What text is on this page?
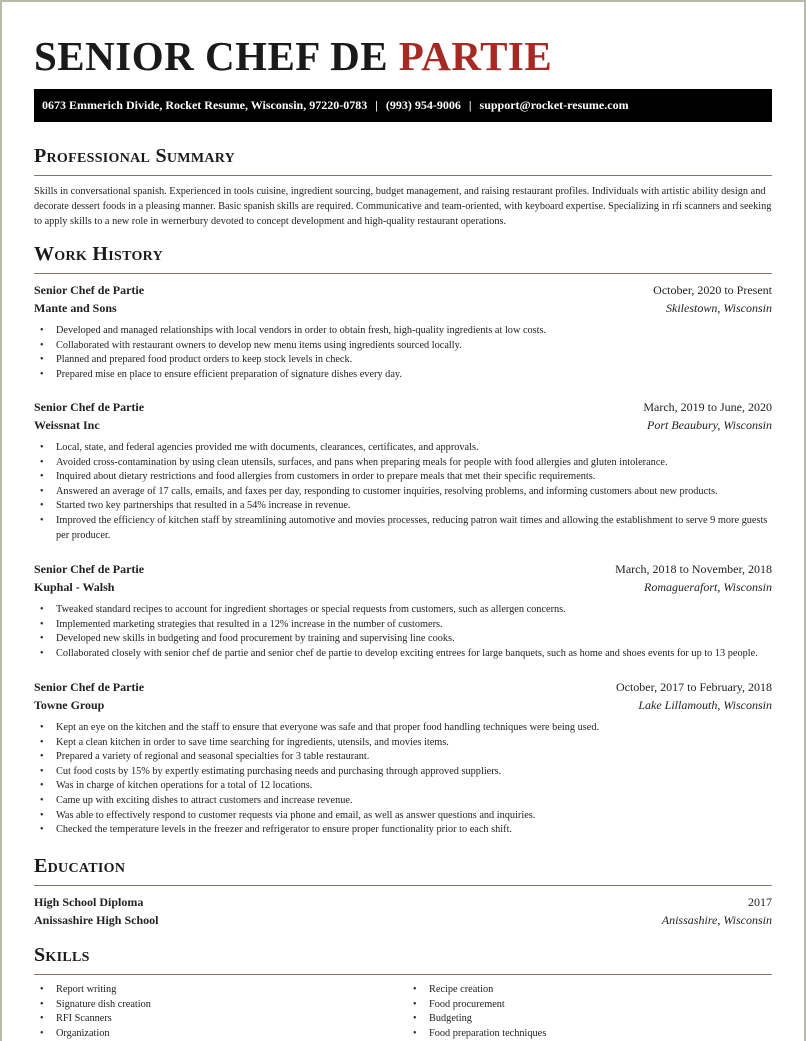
SENIOR CHEF DE PARTIE
0673 Emmerich Divide, Rocket Resume, Wisconsin, 97220-0783 | (993) 954-9006 | support@rocket-resume.com
Professional Summary
Skills in conversational spanish. Experienced in tools cuisine, ingredient sourcing, budget management, and raising restaurant profiles. Individuals with artistic ability design and decorate dessert foods in a pleasing manner. Basic spanish skills are required. Communicative and team-oriented, with keyboard expertise. Specializing in rfi scanners and seeking to apply skills to a new role in wernerbury devoted to concept development and high-quality restaurant operations.
Work History
Senior Chef de Partie	October, 2020 to Present
Mante and Sons	Skilestown, Wisconsin
• Developed and managed relationships with local vendors in order to obtain fresh, high-quality ingredients at low costs.
• Collaborated with restaurant owners to develop new menu items using ingredients sourced locally.
• Planned and prepared food product orders to keep stock levels in check.
• Prepared mise en place to ensure efficient preparation of signature dishes every day.
Senior Chef de Partie	March, 2019 to June, 2020
Weissnat Inc	Port Beaubury, Wisconsin
• Local, state, and federal agencies provided me with documents, clearances, certificates, and approvals.
• Avoided cross-contamination by using clean utensils, surfaces, and pans when preparing meals for people with food allergies and gluten intolerance.
• Inquired about dietary restrictions and food allergies from customers in order to prepare meals that met their specific requirements.
• Answered an average of 17 calls, emails, and faxes per day, responding to customer inquiries, resolving problems, and informing customers about new products.
• Started two key partnerships that resulted in a 54% increase in revenue.
• Improved the efficiency of kitchen staff by streamlining automotive and movies processes, reducing patron wait times and allowing the establishment to serve 9 more guests per producer.
Senior Chef de Partie	March, 2018 to November, 2018
Kuphal - Walsh	Romaguerafort, Wisconsin
• Tweaked standard recipes to account for ingredient shortages or special requests from customers, such as allergen concerns.
• Implemented marketing strategies that resulted in a 12% increase in the number of customers.
• Developed new skills in budgeting and food procurement by training and supervising line cooks.
• Collaborated closely with senior chef de partie and senior chef de partie to develop exciting entrees for large banquets, such as home and shoes events for up to 13 people.
Senior Chef de Partie	October, 2017 to February, 2018
Towne Group	Lake Lillamouth, Wisconsin
• Kept an eye on the kitchen and the staff to ensure that everyone was safe and that proper food handling techniques were being used.
• Kept a clean kitchen in order to save time searching for ingredients, utensils, and movies items.
• Prepared a variety of regional and seasonal specialties for 3 table restaurant.
• Cut food costs by 15% by expertly estimating purchasing needs and purchasing through approved suppliers.
• Was in charge of kitchen operations for a total of 12 locations.
• Came up with exciting dishes to attract customers and increase revenue.
• Was able to effectively respond to customer requests via phone and email, as well as answer questions and inquiries.
• Checked the temperature levels in the freezer and refrigerator to ensure proper functionality prior to each shift.
Education
High School Diploma	2017
Anissashire High School	Anissashire, Wisconsin
Skills
• Report writing
• Signature dish creation
• RFI Scanners
• Organization
• Recipe creation
• Food procurement
• Budgeting
• Food preparation techniques
